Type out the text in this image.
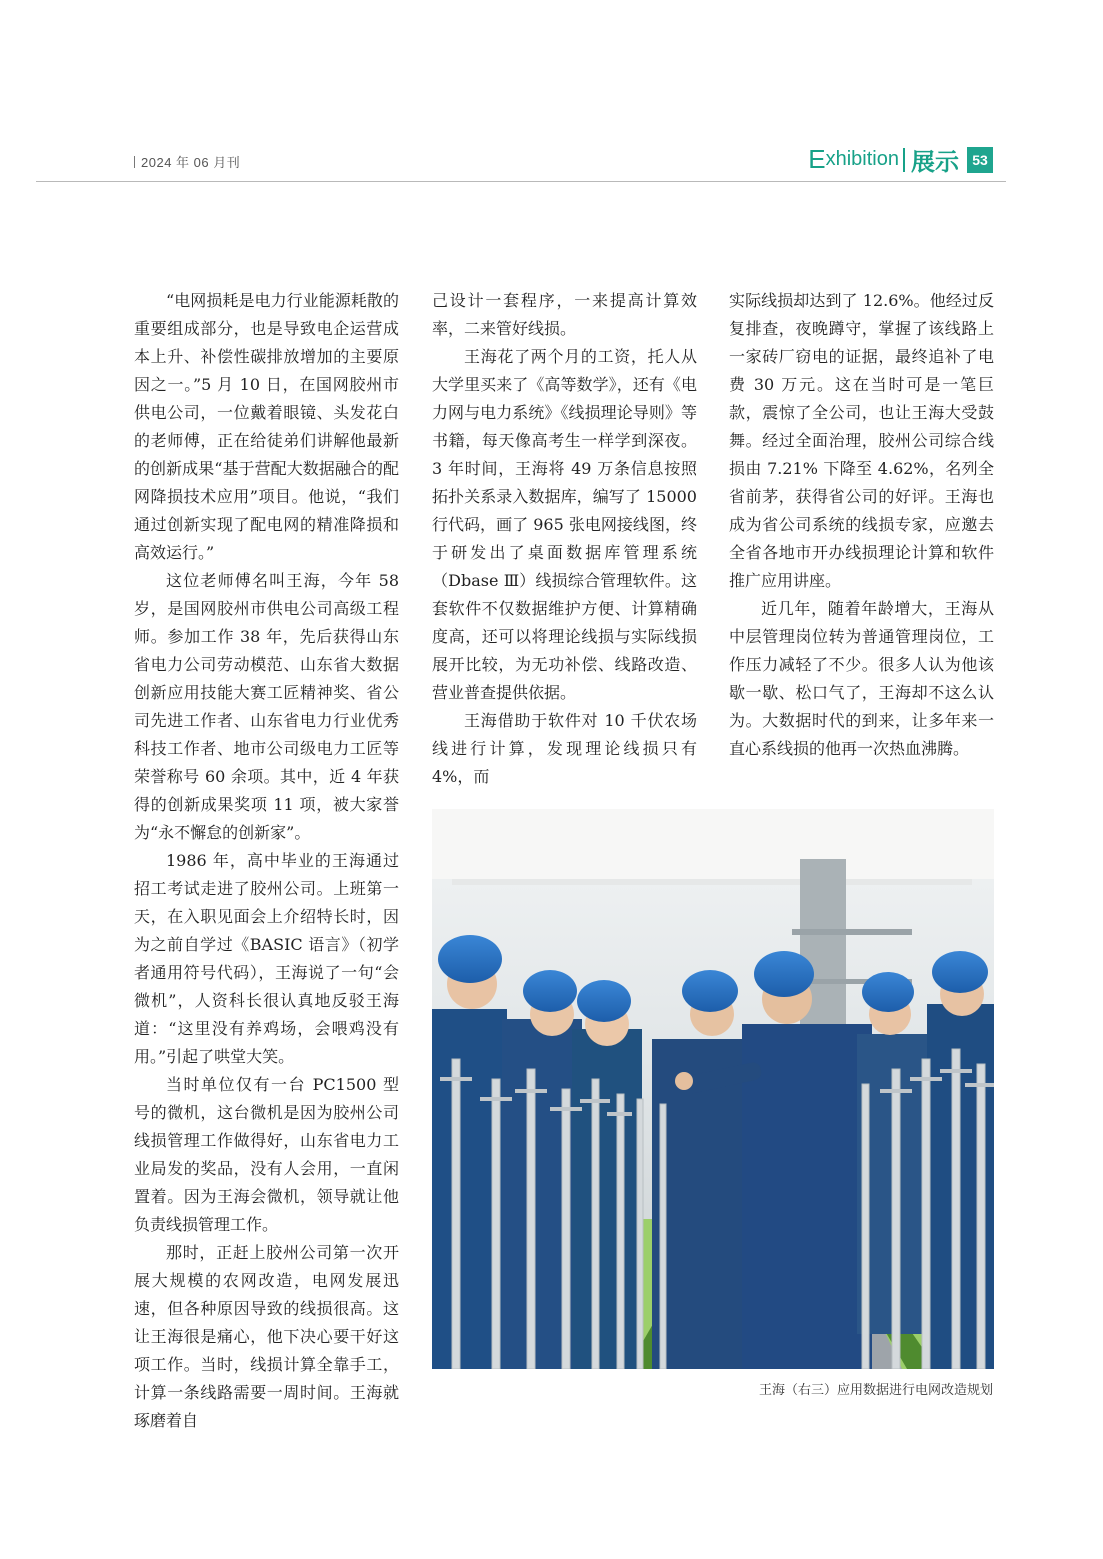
2024 年 06 月刊	E xhibition 展示 53

“电网损耗是电力行业能源耗散的重要组成部分，也是导致电企运营成本上升、补偿性碳排放增加的主要原因之一。”5 月 10 日，在国网胶州市供电公司，一位戴着眼镜、头发花白的老师傅，正在给徒弟们讲解他最新的创新成果“基于营配大数据融合的配网降损技术应用”项目。他说，“我们通过创新实现了配电网的精准降损和高效运行。”

这位老师傅名叫王海，今年 58 岁，是国网胶州市供电公司高级工程师。参加工作 38 年，先后获得山东省电力公司劳动模范、山东省大数据创新应用技能大赛工匠精神奖、省公司先进工作者、山东省电力行业优秀科技工作者、地市公司级电力工匠等荣誉称号 60 余项。其中，近 4 年获得的创新成果奖项 11 项，被大家誉为“永不懈怠的创新家”。

1986 年，高中毕业的王海通过招工考试走进了胶州公司。上班第一天，在入职见面会上介绍特长时，因为之前自学过《BASIC 语言》（初学者通用符号代码），王海说了一句“会微机”，人资科长很认真地反驳王海道：“这里没有养鸡场，会喂鸡没有用。”引起了哄堂大笑。

当时单位仅有一台 PC1500 型号的微机，这台微机是因为胶州公司线损管理工作做得好，山东省电力工业局发的奖品，没有人会用，一直闲置着。因为王海会微机，领导就让他负责线损管理工作。

那时，正赶上胶州公司第一次开展大规模的农网改造，电网发展迅速，但各种原因导致的线损很高。这让王海很是痛心，他下决心要干好这项工作。当时，线损计算全靠手工，计算一条线路需要一周时间。王海就琢磨着自

己设计一套程序，一来提高计算效率，二来管好线损。

王海花了两个月的工资，托人从大学里买来了《高等数学》，还有《电力网与电力系统》《线损理论导则》等书籍，每天像高考生一样学到深夜。3 年时间，王海将 49 万条信息按照拓扑关系录入数据库，编写了 15000 行代码，画了 965 张电网接线图，终于研发出了桌面数据库管理系统（Dbase Ⅲ）线损综合管理软件。这套软件不仅数据维护方便、计算精确度高，还可以将理论线损与实际线损展开比较，为无功补偿、线路改造、营业普查提供依据。

王海借助于软件对 10 千伏农场线进行计算，发现理论线损只有 4%，而

实际线损却达到了 12.6%。他经过反复排查，夜晚蹲守，掌握了该线路上一家砖厂窃电的证据，最终追补了电费 30 万元。这在当时可是一笔巨款，震惊了全公司，也让王海大受鼓舞。经过全面治理，胶州公司综合线损由 7.21% 下降至 4.62%，名列全省前茅，获得省公司的好评。王海也成为省公司系统的线损专家，应邀去全省各地市开办线损理论计算和软件推广应用讲座。

近几年，随着年龄增大，王海从中层管理岗位转为普通管理岗位，工作压力减轻了不少。很多人认为他该歇一歇、松口气了，王海却不这么认为。大数据时代的到来，让多年来一直心系线损的他再一次热血沸腾。

王海（右三）应用数据进行电网改造规划
